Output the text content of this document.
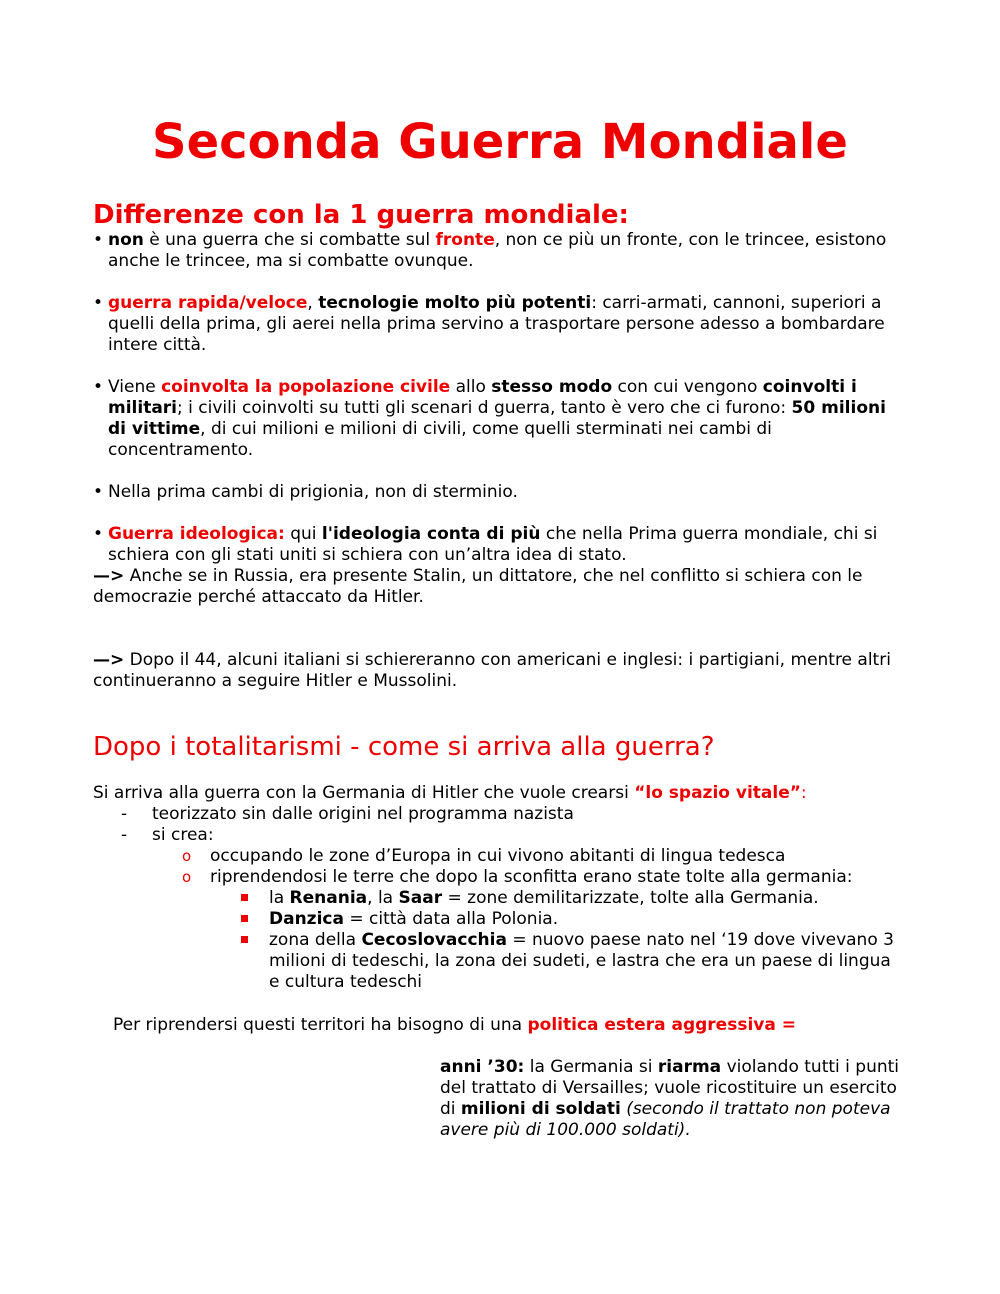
Seconda Guerra Mondiale
Differenze con la 1 guerra mondiale:
• non è una guerra che si combatte sul fronte, non ce più un fronte, con le trincee, esistono anche le trincee, ma si combatte ovunque.
• guerra rapida/veloce, tecnologie molto più potenti: carri-armati, cannoni, superiori a quelli della prima, gli aerei nella prima servino a trasportare persone adesso a bombardare intere città.
• Viene coinvolta la popolazione civile allo stesso modo con cui vengono coinvolti i militari; i civili coinvolti su tutti gli scenari d guerra, tanto è vero che ci furono: 50 milioni di vittime, di cui milioni e milioni di civili, come quelli sterminati nei cambi di concentramento.
• Nella prima cambi di prigionia, non di sterminio.
• Guerra ideologica: qui l'ideologia conta di più che nella Prima guerra mondiale, chi si schiera con gli stati uniti si schiera con un’altra idea di stato.
—> Anche se in Russia, era presente Stalin, un dittatore, che nel conflitto si schiera con le democrazie perché attaccato da Hitler.
—> Dopo il 44, alcuni italiani si schiereranno con americani e inglesi: i partigiani, mentre altri continueranno a seguire Hitler e Mussolini.
Dopo i totalitarismi - come si arriva alla guerra?
Si arriva alla guerra con la Germania di Hitler che vuole crearsi “lo spazio vitale”:
- teorizzato sin dalle origini nel programma nazista
- si crea:
o occupando le zone d’Europa in cui vivono abitanti di lingua tedesca
o riprendendosi le terre che dopo la sconfitta erano state tolte alla germania:
la Renania, la Saar = zone demilitarizzate, tolte alla Germania.
Danzica = città data alla Polonia.
zona della Cecoslovacchia = nuovo paese nato nel ‘19 dove vivevano 3 milioni di tedeschi, la zona dei sudeti, e lastra che era un paese di lingua e cultura tedeschi
Per riprendersi questi territori ha bisogno di una politica estera aggressiva =
anni ’30: la Germania si riarma violando tutti i punti del trattato di Versailles; vuole ricostituire un esercito di milioni di soldati (secondo il trattato non poteva avere più di 100.000 soldati).
